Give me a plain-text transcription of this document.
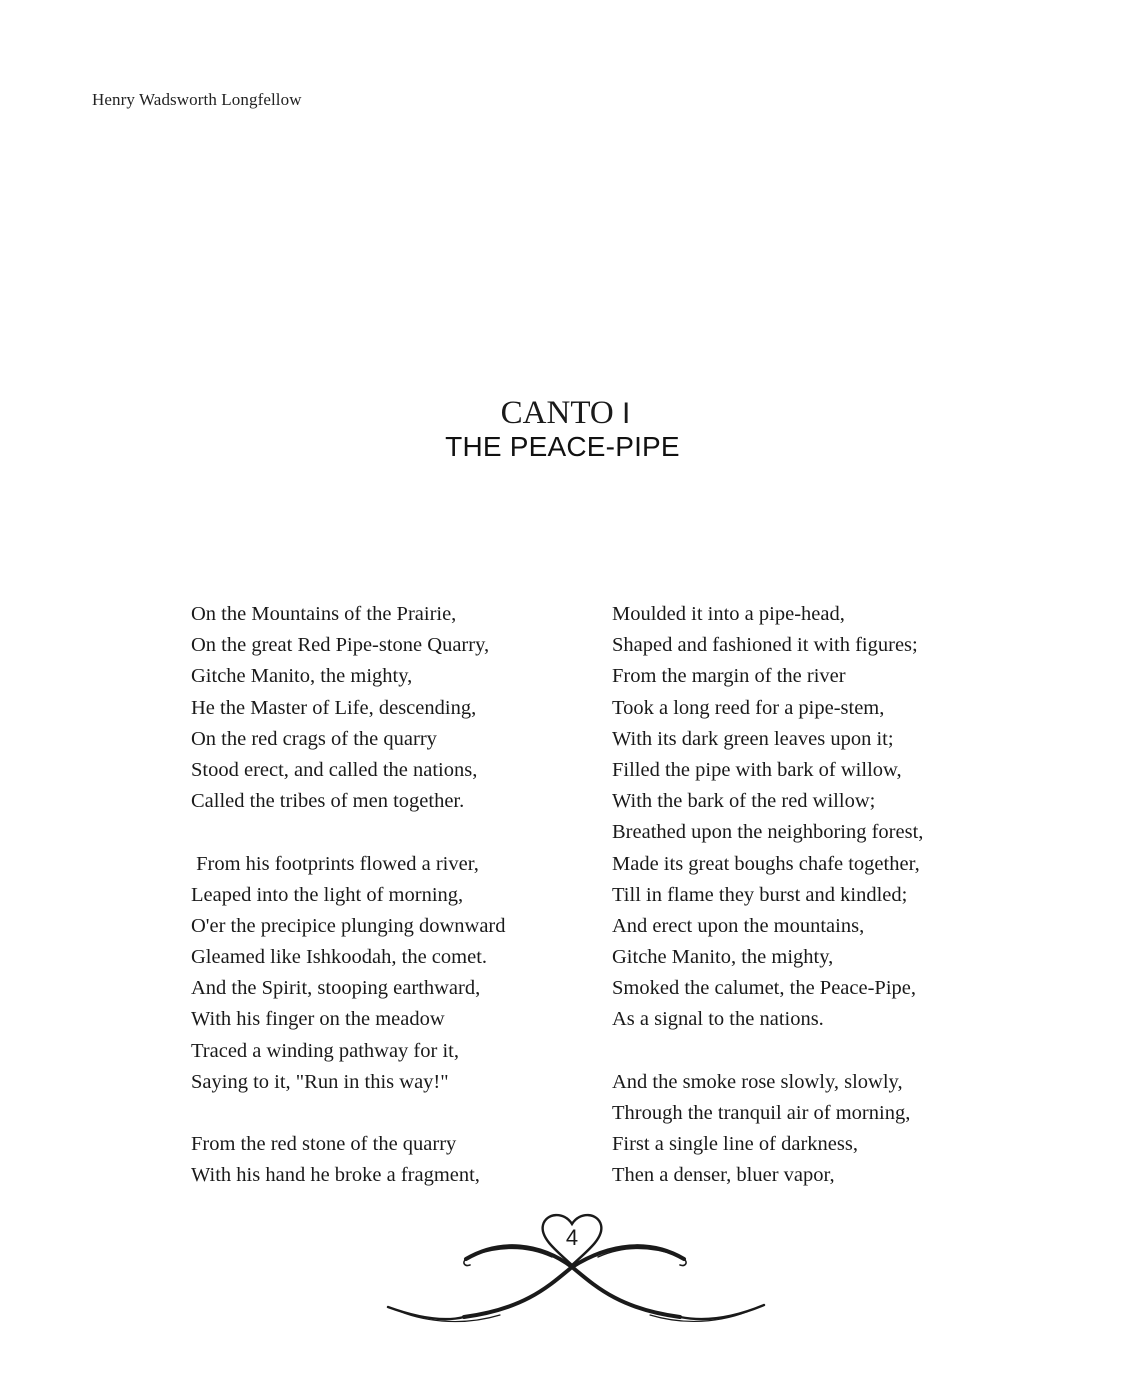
Henry Wadsworth Longfellow
CANTO I
THE PEACE-PIPE
On the Mountains of the Prairie,
On the great Red Pipe-stone Quarry,
Gitche Manito, the mighty,
He the Master of Life, descending,
On the red crags of the quarry
Stood erect, and called the nations,
Called the tribes of men together.
From his footprints flowed a river,
Leaped into the light of morning,
O'er the precipice plunging downward
Gleamed like Ishkoodah, the comet.
And the Spirit, stooping earthward,
With his finger on the meadow
Traced a winding pathway for it,
Saying to it, "Run in this way!"
From the red stone of the quarry
With his hand he broke a fragment,
Moulded it into a pipe-head,
Shaped and fashioned it with figures;
From the margin of the river
Took a long reed for a pipe-stem,
With its dark green leaves upon it;
Filled the pipe with bark of willow,
With the bark of the red willow;
Breathed upon the neighboring forest,
Made its great boughs chafe together,
Till in flame they burst and kindled;
And erect upon the mountains,
Gitche Manito, the mighty,
Smoked the calumet, the Peace-Pipe,
As a signal to the nations.
And the smoke rose slowly, slowly,
Through the tranquil air of morning,
First a single line of darkness,
Then a denser, bluer vapor,
4
